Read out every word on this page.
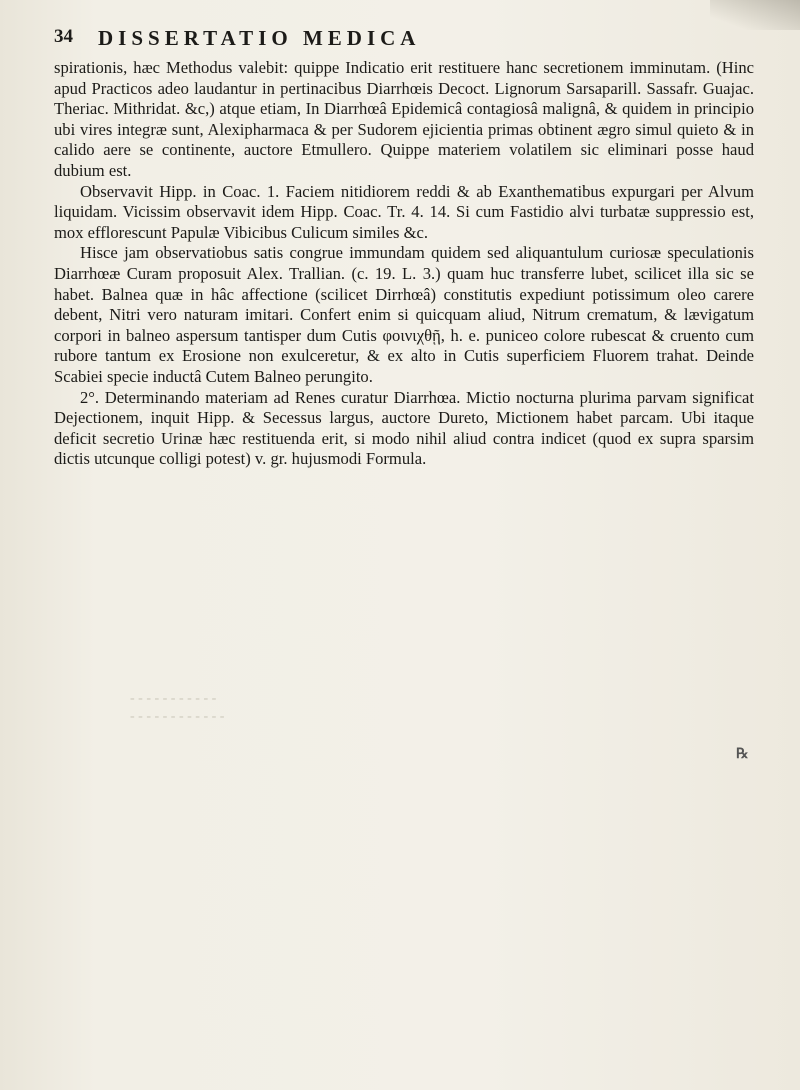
34 DISSERTATIO MEDICA

spirationis, hæc Methodus valebit: quippe Indicatio erit restituere hanc secretionem imminutam. (Hinc apud Practicos adeo laudantur in pertinacibus Diarrhœis Decoct. Lignorum Sarsaparill. Sassafr. Guajac. Theriac. Mithridat. &c,) atque etiam, In Diarrhœâ Epidemicâ contagiosâ malignâ, & quidem in principio ubi vires integræ sunt, Alexipharmaca & per Sudorem ejicientia primas obtinent ægro simul quieto & in calido aere se continente, auctore Etmullero. Quippe materiem volatilem sic eliminari posse haud dubium est.

Observavit Hipp. in Coac. 1. Faciem nitidiorem reddi & ab Exanthematibus expurgari per Alvum liquidam. Vicissim observavit idem Hipp. Coac. Tr. 4. 14. Si cum Fastidio alvi turbatæ suppressio est, mox efflorescunt Papulæ Vibicibus Culicum similes &c.

Hisce jam observatiobus satis congrue immundam quidem sed aliquantulum curiosæ speculationis Diarrhœæ Curam proposuit Alex. Trallian. (c. 19. L. 3.) quam huc transferre lubet, scilicet illa sic se habet. Balnea quæ in hâc affectione (scilicet Dirrhœâ) constitutis expediunt potissimum oleo carere debent, Nitri vero naturam imitari. Confert enim si quicquam aliud, Nitrum crematum, & lævigatum corpori in balneo aspersum tantisper dum Cutis φοινιχθῇ, h. e. puniceo colore rubescat & cruento cum rubore tantum ex Erosione non exulceretur, & ex alto in Cutis superficiem Fluorem trahat. Deinde Scabiei specie inductâ Cutem Balneo perungito.

2°. Determinando materiam ad Renes curatur Diarrhœa. Mictio nocturna plurima parvam significat Dejectionem, inquit Hipp. & Secessus largus, auctore Dureto, Mictionem habet parcam. Ubi itaque deficit secretio Urinæ hæc restituenda erit, si modo nihil aliud contra indicet (quod ex supra sparsim dictis utcunque colligi potest) v. gr. hujusmodi Formula.

- - - - - - - - - - -
- - - - - - - - - - - -
℞
